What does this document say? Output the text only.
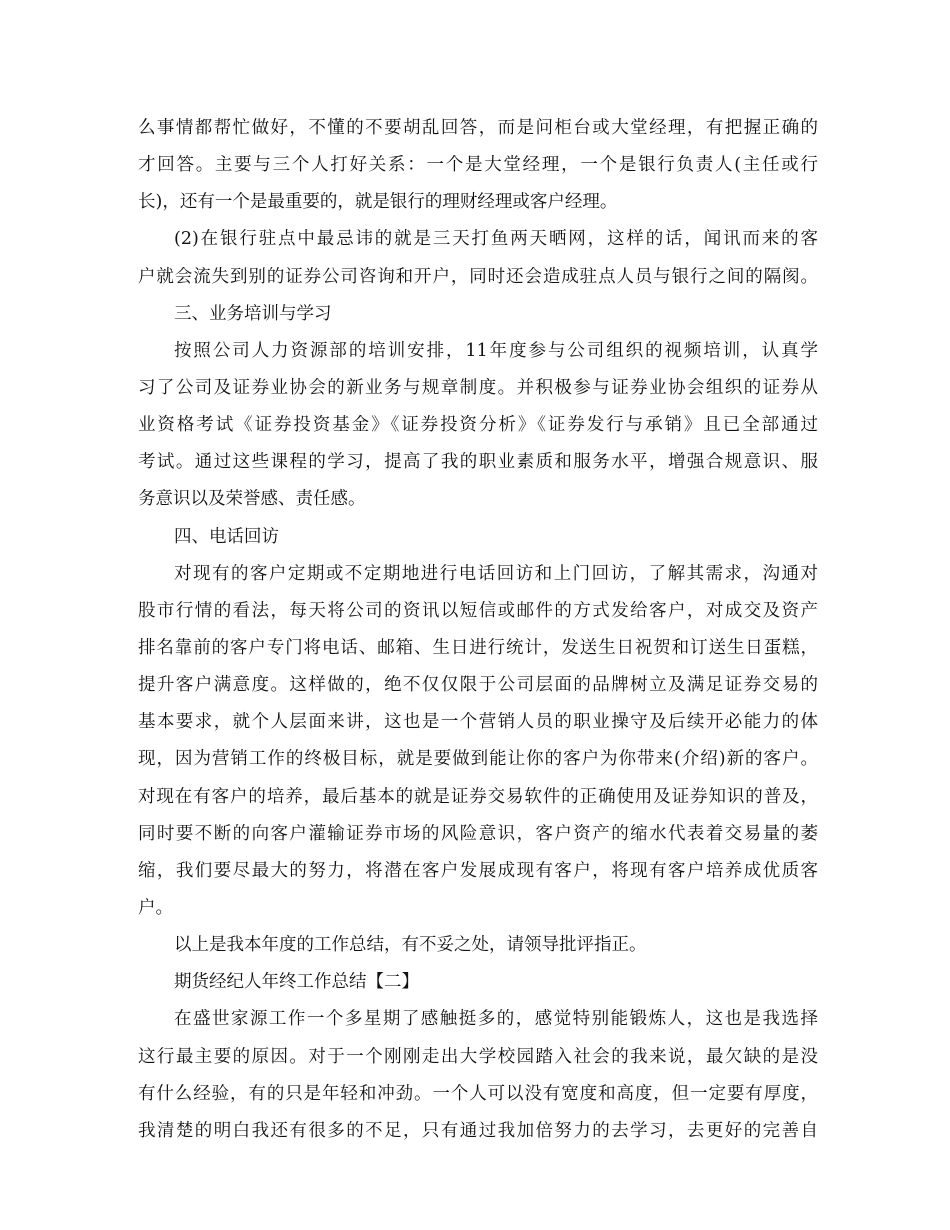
么事情都帮忙做好，不懂的不要胡乱回答，而是问柜台或大堂经理，有把握正确的
才回答。主要与三个人打好关系：一个是大堂经理，一个是银行负责人(主任或行
长)，还有一个是最重要的，就是银行的理财经理或客户经理。
(2)在银行驻点中最忌讳的就是三天打鱼两天晒网，这样的话，闻讯而来的客
户就会流失到别的证券公司咨询和开户，同时还会造成驻点人员与银行之间的隔阂。
三、业务培训与学习
按照公司人力资源部的培训安排，11年度参与公司组织的视频培训，认真学
习了公司及证券业协会的新业务与规章制度。并积极参与证券业协会组织的证券从
业资格考试《证券投资基金》《证券投资分析》《证券发行与承销》且已全部通过
考试。通过这些课程的学习，提高了我的职业素质和服务水平，增强合规意识、服
务意识以及荣誉感、责任感。
四、电话回访
对现有的客户定期或不定期地进行电话回访和上门回访，了解其需求，沟通对
股市行情的看法，每天将公司的资讯以短信或邮件的方式发给客户，对成交及资产
排名靠前的客户专门将电话、邮箱、生日进行统计，发送生日祝贺和订送生日蛋糕，
提升客户满意度。这样做的，绝不仅仅限于公司层面的品牌树立及满足证券交易的
基本要求，就个人层面来讲，这也是一个营销人员的职业操守及后续开必能力的体
现，因为营销工作的终极目标，就是要做到能让你的客户为你带来(介绍)新的客户。
对现在有客户的培养，最后基本的就是证券交易软件的正确使用及证券知识的普及，
同时要不断的向客户灌输证券市场的风险意识，客户资产的缩水代表着交易量的萎
缩，我们要尽最大的努力，将潜在客户发展成现有客户，将现有客户培养成优质客
户。
以上是我本年度的工作总结，有不妥之处，请领导批评指正。
期货经纪人年终工作总结【二】
在盛世家源工作一个多星期了感触挺多的，感觉特别能锻炼人，这也是我选择
这行最主要的原因。对于一个刚刚走出大学校园踏入社会的我来说，最欠缺的是没
有什么经验，有的只是年轻和冲劲。一个人可以没有宽度和高度，但一定要有厚度，
我清楚的明白我还有很多的不足，只有通过我加倍努力的去学习，去更好的完善自
